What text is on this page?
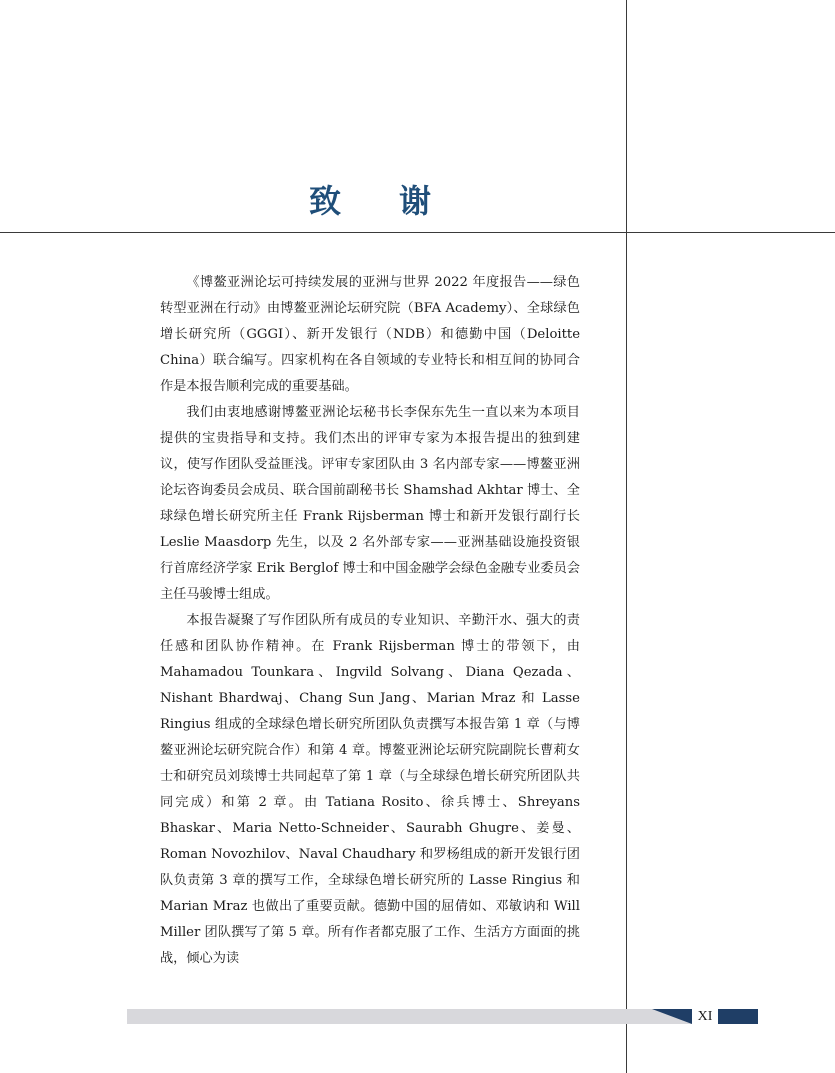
致 谢

《博鳌亚洲论坛可持续发展的亚洲与世界 2022 年度报告——绿色转型亚洲在行动》由博鳌亚洲论坛研究院（BFA Academy）、全球绿色增长研究所（GGGI）、新开发银行（NDB）和德勤中国（Deloitte China）联合编写。四家机构在各自领域的专业特长和相互间的协同合作是本报告顺利完成的重要基础。

我们由衷地感谢博鳌亚洲论坛秘书长李保东先生一直以来为本项目提供的宝贵指导和支持。我们杰出的评审专家为本报告提出的独到建议，使写作团队受益匪浅。评审专家团队由 3 名内部专家——博鳌亚洲论坛咨询委员会成员、联合国前副秘书长 Shamshad Akhtar 博士、全球绿色增长研究所主任 Frank Rijsberman 博士和新开发银行副行长 Leslie Maasdorp 先生，以及 2 名外部专家——亚洲基础设施投资银行首席经济学家 Erik Berglof 博士和中国金融学会绿色金融专业委员会主任马骏博士组成。

本报告凝聚了写作团队所有成员的专业知识、辛勤汗水、强大的责任感和团队协作精神。在 Frank Rijsberman 博士的带领下，由 Mahamadou Tounkara、Ingvild Solvang、Diana Qezada、Nishant Bhardwaj、Chang Sun Jang、Marian Mraz 和 Lasse Ringius 组成的全球绿色增长研究所团队负责撰写本报告第 1 章（与博鳌亚洲论坛研究院合作）和第 4 章。博鳌亚洲论坛研究院副院长曹莉女士和研究员刘琰博士共同起草了第 1 章（与全球绿色增长研究所团队共同完成）和第 2 章。由 Tatiana Rosito、徐兵博士、Shreyans Bhaskar、Maria Netto-Schneider、Saurabh Ghugre、姜曼、Roman Novozhilov、Naval Chaudhary 和罗杨组成的新开发银行团队负责第 3 章的撰写工作，全球绿色增长研究所的 Lasse Ringius 和 Marian Mraz 也做出了重要贡献。德勤中国的屈倩如、邓敏讷和 Will Miller 团队撰写了第 5 章。所有作者都克服了工作、生活方方面面的挑战，倾心为读

XI
